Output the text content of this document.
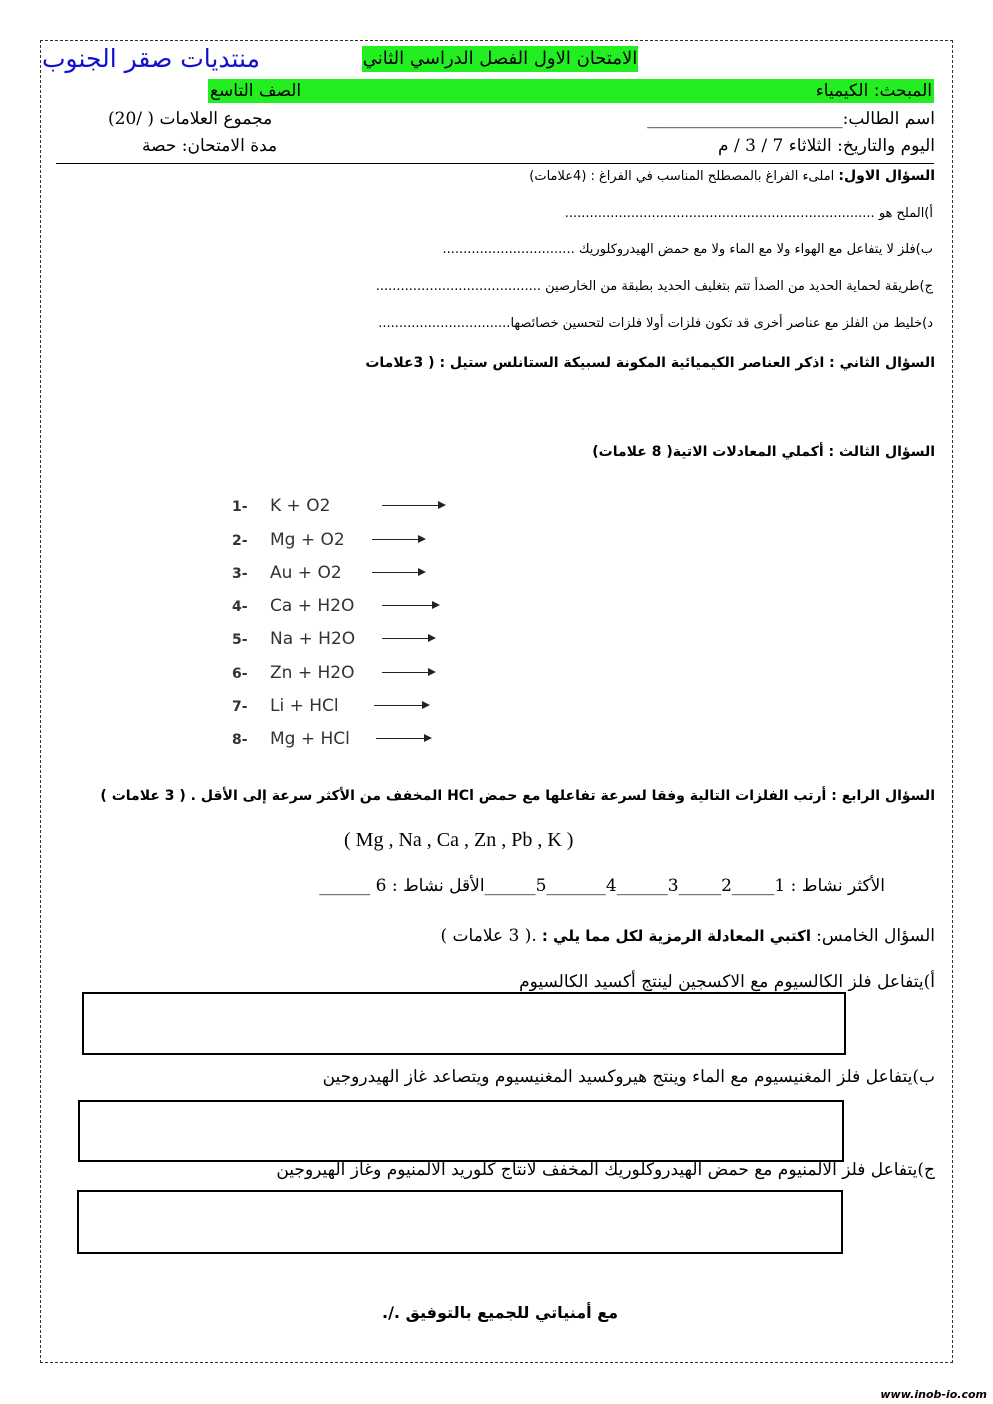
منتديات صقر الجنوب	الامتحان الاول الفصل الدراسي الثاني
المبحث: الكيمياء
الصف التاسع
اسم الطالب:_______________________
مجموع العلامات ( /20)
اليوم والتاريخ: الثلاثاء 7 / 3 / م
مدة الامتحان: حصة
السؤال الاول: املىء الفراغ بالمصطلح المناسب في الفراغ : (4علامات)
أ)الملح هو ...........................................................................
ب)فلز لا يتفاعل مع الهواء ولا مع الماء ولا مع حمض الهيدروكلوريك ................................
ج)طريقة لحماية الحديد من الصدأ تتم بتغليف الحديد بطبقة من الخارصين ........................................
د)خليط من الفلز مع عناصر أخرى قد تكون فلزات أولا فلزات لتحسين خصائصها................................
السؤال الثاني : اذكر العناصر الكيميائية المكونة لسبيكة الستانلس ستيل : ( 3علامات
السؤال الثالث : أكملي المعادلات الاتية( 8 علامات)
1- K + O2
2- Mg + O2
3- Au + O2
4- Ca + H2O
5- Na + H2O
6- Zn + H2O
7- Li + HCl
8- Mg + HCl
السؤال الرابع : أرتب الفلزات التالية وفقا لسرعة تفاعلها مع حمض HCl المخفف من الأكثر سرعة إلى الأقل . ( 3 علامات )
( Mg , Na , Ca , Zn , Pb , K )
الأكثر نشاط : 1_____2_____3______4_______5______الأقل نشاط : 6 ______
السؤال الخامس: اكتبي المعادلة الرمزية لكل مما يلي : .( 3 علامات )
أ)يتفاعل فلز الكالسيوم مع الاكسجين لينتج أكسيد الكالسيوم
ب)يتفاعل فلز المغنيسيوم مع الماء وينتج هيروكسيد المغنيسيوم ويتصاعد غاز الهيدروجين
ج)يتفاعل فلز الالمنيوم مع حمض الهيدروكلوريك المخفف لانتاج كلوريد الالمنيوم وغاز الهيروجين
مع أمنياتي للجميع بالتوفيق ./.
www.inob-io.com
